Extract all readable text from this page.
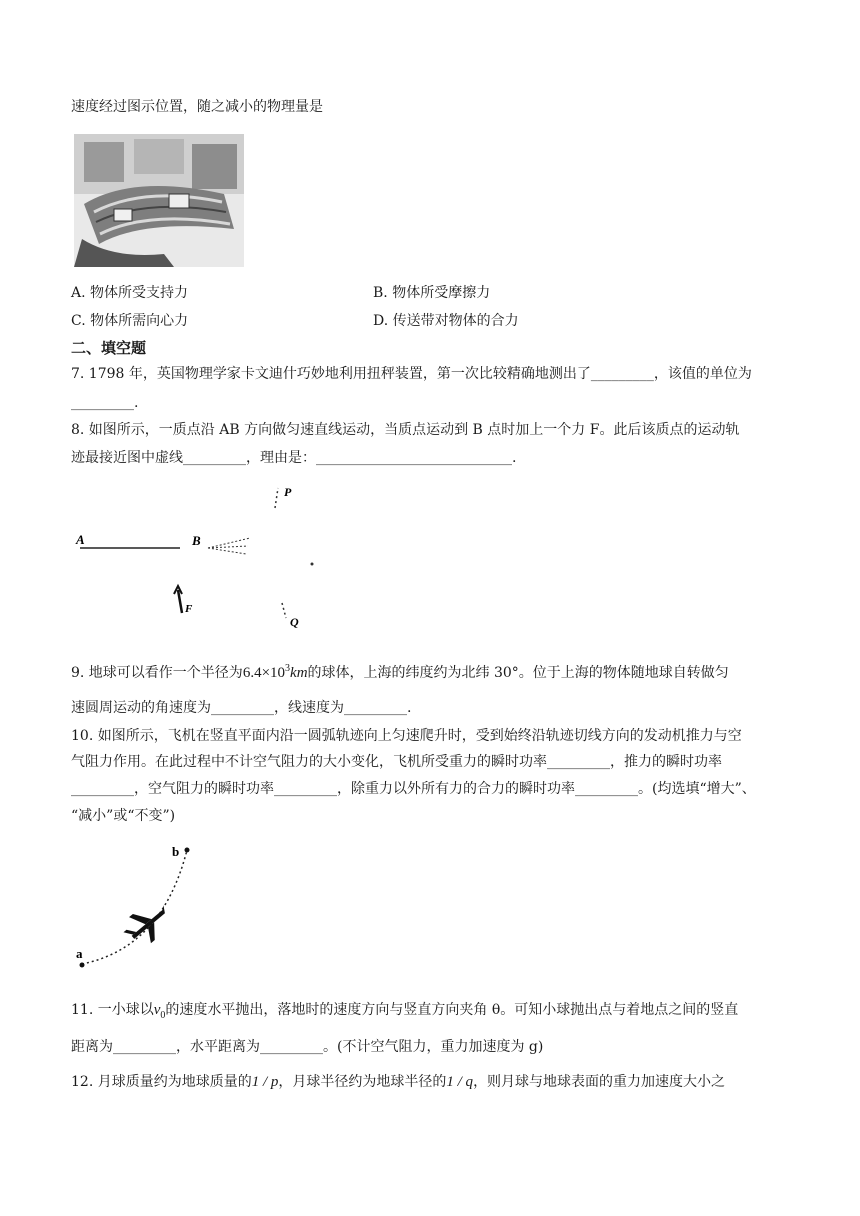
速度经过图示位置，随之减小的物理量是
A. 物体所受支持力	B. 物体所受摩擦力
C. 物体所需向心力	D. 传送带对物体的合力
二、填空题
7. 1798 年，英国物理学家卡文迪什巧妙地利用扭秤装置，第一次比较精确地测出了_________，该值的单位为
_________.
8. 如图所示，一质点沿 AB 方向做匀速直线运动，当质点运动到 B 点时加上一个力 F。此后该质点的运动轨
迹最接近图中虚线_________，理由是：____________________________.
A	B
P
Q
F
9. 地球可以看作一个半径为$6.4\times 10^3km$的球体，上海的纬度约为北纬 30°。位于上海的物体随地球自转做匀
速圆周运动的角速度为_________，线速度为_________.
10. 如图所示，飞机在竖直平面内沿一圆弧轨迹向上匀速爬升时，受到始终沿轨迹切线方向的发动机推力与空
气阻力作用。在此过程中不计空气阻力的大小变化，飞机所受重力的瞬时功率_________，推力的瞬时功率
_________，空气阻力的瞬时功率_________，除重力以外所有力的合力的瞬时功率_________。(均选填“增大”、
“减小”或“不变”)
a
b
11. 一小球以$v_0$的速度水平抛出，落地时的速度方向与竖直方向夹角 θ。可知小球抛出点与着地点之间的竖直
距离为_________，水平距离为_________。(不计空气阻力，重力加速度为 g)
12. 月球质量约为地球质量的1 / p，月球半径约为地球半径的1 / q，则月球与地球表面的重力加速度大小之
